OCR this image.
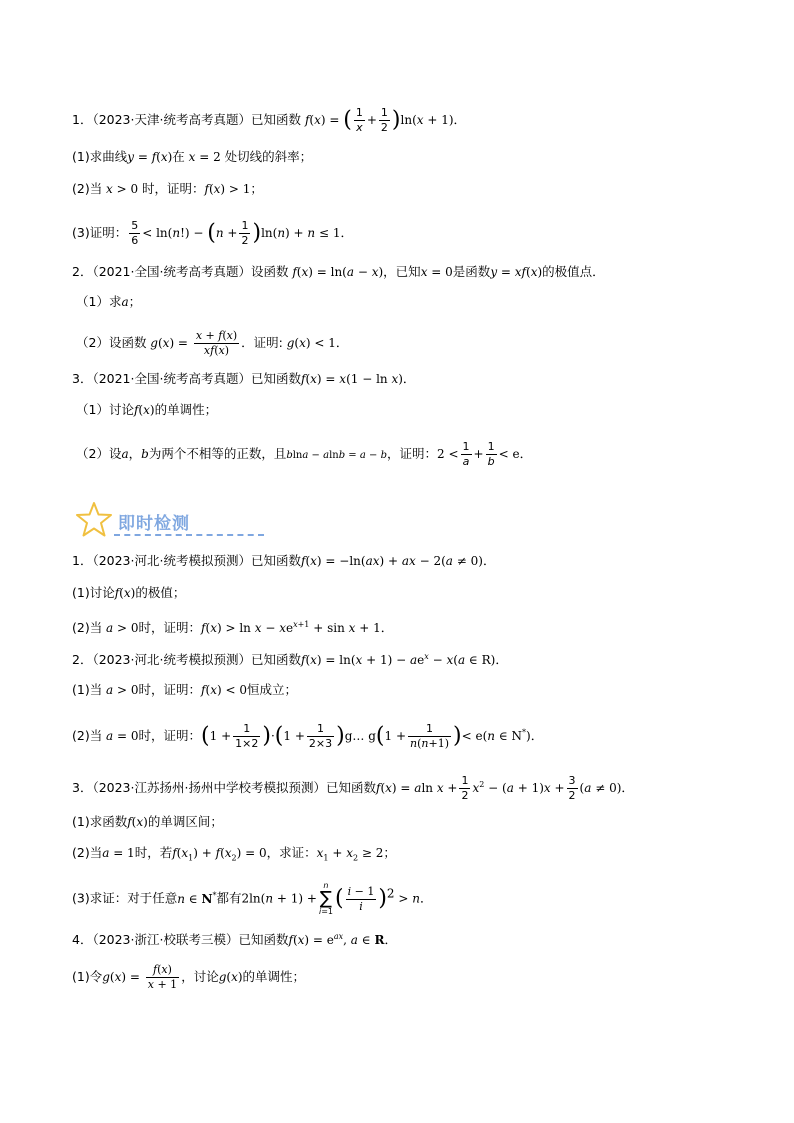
1．（2023·天津·统考高考真题）已知函数 f(x) = ( $\frac{1}{x} + \frac{1}{2} )\ln(x + 1)$．
(1)求曲线y = f(x)在 x = 2 处切线的斜率；
(2)当 x > 0 时，证明：f(x) > 1；
(3)证明： $\frac{5}{6} < \ln(n!) - (n + \frac{1}{2} )\ln(n) + n \le 1$．
2．（2021·全国·统考高考真题）设函数 f(x) = ln(a − x)，已知x = 0是函数y = xf(x)的极值点．
（1）求a；
（2）设函数 $g(x) = \frac{x + f(x)}{xf(x)}$ ．证明: g(x) < 1．
3．（2021·全国·统考高考真题）已知函数f(x) = x(1 − ln x)．
（1）讨论f(x)的单调性；
（2）设a，b为两个不相等的正数，且blna − alnb = a − b，证明：$2 < \frac{1}{a} + \frac{1}{b} < e$．
即时检测
1．（2023·河北·统考模拟预测）已知函数f(x) = −ln(ax) + ax − 2(a ≠ 0)．
(1)讨论f(x)的极值；
(2)当 a > 0时，证明：$f(x) > \ln x - xe^{x+1} + \sin x + 1$．
2．（2023·河北·统考模拟预测）已知函数$f(x) = \ln(x + 1) - ae^x - x(a$ ∈ R)．
(1)当 a > 0时，证明：f(x) < 0恒成立；
(2)当 a = 0时，证明：$(1 + \frac{1}{1\times 2} )\cdot(1 + \frac{1}{2\times 3}$ )g… $g(1 + \frac{1}{n(n+1)}$ )< e(n ∈ N*)．
3．（2023·江苏扬州·扬州中学校考模拟预测）已知函数f(x) = aln $x + \frac{1}{2} x^2 - (a + 1)x + \frac{3}{2} (a \ne 0)$．
(1)求函数f(x)的单调区间；
(2)当a = 1时，若$f(x_1) + f(x_2) = 0$，求证：$x_1 + x_2 \ge 2$；
(3)求证：对于任意n ∈ N*都有2ln(n + 1) +n
∑
$i=1( \frac{i - 1}{i} )^2 > n$．
4．（2023·浙江·校联考三模）已知函数$f(x) = e^{ax}$, a ∈ R．
(1)令$g(x) = \frac{f(x)}{x + 1}$ ，讨论g(x)的单调性；
